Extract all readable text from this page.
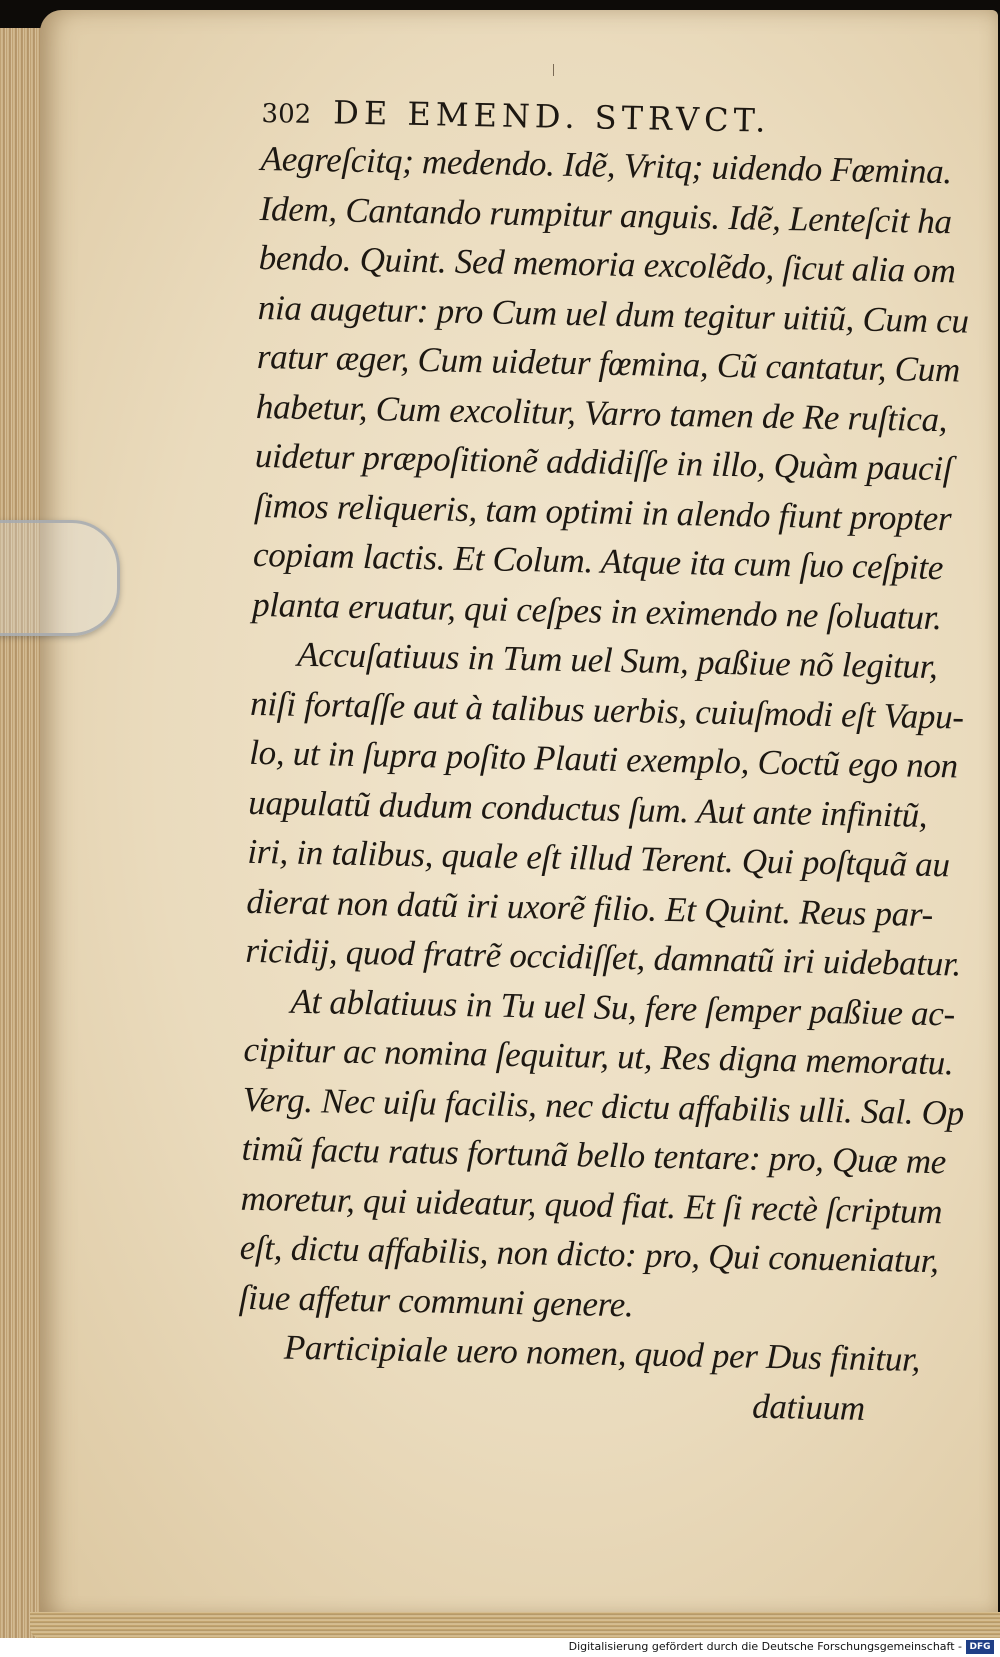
302 DE EMEND. STRVCT.
Aegreſcitq; medendo. Idẽ, Vritq; uidendo Fœmina.
Idem, Cantando rumpitur anguis. Idẽ, Lenteſcit ha
bendo. Quint. Sed memoria excolẽdo, ſicut alia om
nia augetur: pro Cum uel dum tegitur uitiũ, Cum cu
ratur æger, Cum uidetur fœmina, Cũ cantatur, Cum
habetur, Cum excolitur, Varro tamen de Re ruſtica,
uidetur præpoſitionẽ addidiſſe in illo, Quàm pauciſ
ſimos reliqueris, tam optimi in alendo fiunt propter
copiam lactis. Et Colum. Atque ita cum ſuo ceſpite
planta eruatur, qui ceſpes in eximendo ne ſoluatur.
Accuſatiuus in Tum uel Sum, paßiue nõ legitur,
niſi fortaſſe aut à talibus uerbis, cuiuſmodi eſt Vapu-
lo, ut in ſupra poſito Plauti exemplo, Coctũ ego non
uapulatũ dudum conductus ſum. Aut ante infinitũ,
iri, in talibus, quale eſt illud Terent. Qui poſtquã au
dierat non datũ iri uxorẽ filio. Et Quint. Reus par-
ricidij, quod fratrẽ occidiſſet, damnatũ iri uidebatur.
At ablatiuus in Tu uel Su, fere ſemper paßiue ac-
cipitur ac nomina ſequitur, ut, Res digna memoratu.
Verg. Nec uiſu facilis, nec dictu affabilis ulli. Sal. Op
timũ factu ratus fortunã bello tentare: pro, Quæ me
moretur, qui uideatur, quod fiat. Et ſi rectè ſcriptum
eſt, dictu affabilis, non dicto: pro, Qui conueniatur,
ſiue affetur communi genere.
Participiale uero nomen, quod per Dus finitur,
datiuum
Digitalisierung gefördert durch die Deutsche Forschungsgemeinschaft - DFG
